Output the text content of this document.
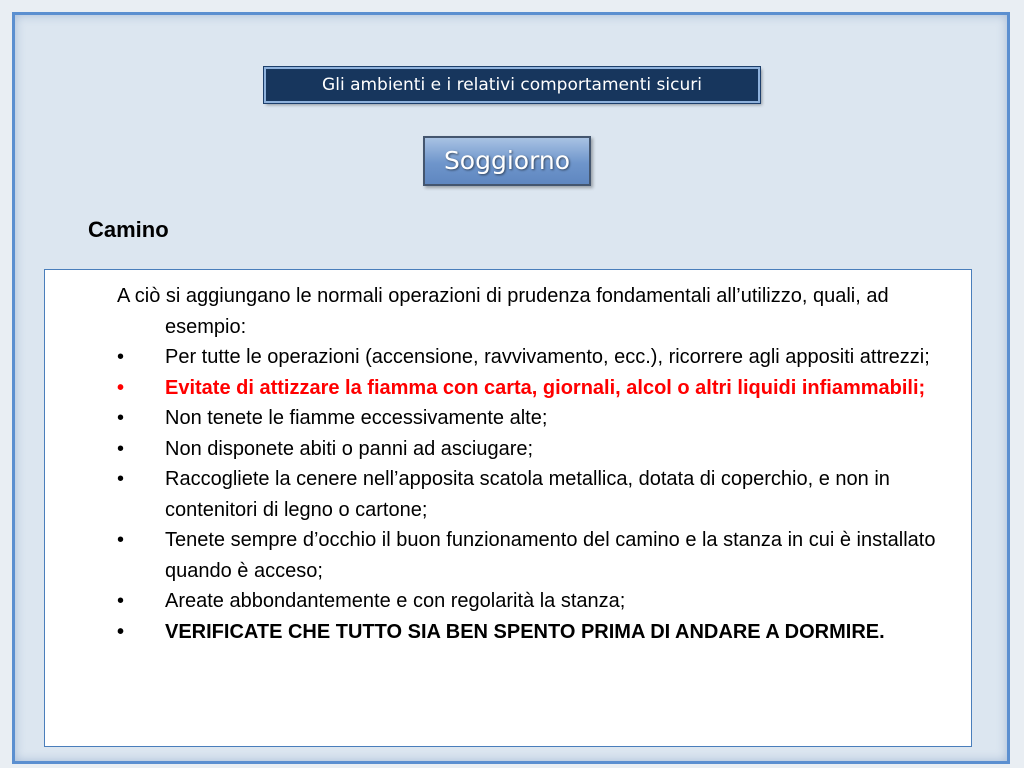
Gli ambienti e i relativi comportamenti sicuri
Soggiorno
Camino

A ciò si aggiungano le normali operazioni di prudenza fondamentali all’utilizzo, quali, ad esempio:

• Per tutte le operazioni (accensione, ravvivamento, ecc.), ricorrere agli appositi attrezzi;
• Evitate di attizzare la fiamma con carta, giornali, alcol o altri liquidi infiammabili;
• Non tenete le fiamme eccessivamente alte;
• Non disponete abiti o panni ad asciugare;
• Raccogliete la cenere nell’apposita scatola metallica, dotata di coperchio, e non in contenitori di legno o cartone;
• Tenete sempre d’occhio il buon funzionamento del camino e la stanza in cui è installato quando è acceso;
• Areate abbondantemente e con regolarità la stanza;
• VERIFICATE CHE TUTTO SIA BEN SPENTO PRIMA DI ANDARE A DORMIRE.
